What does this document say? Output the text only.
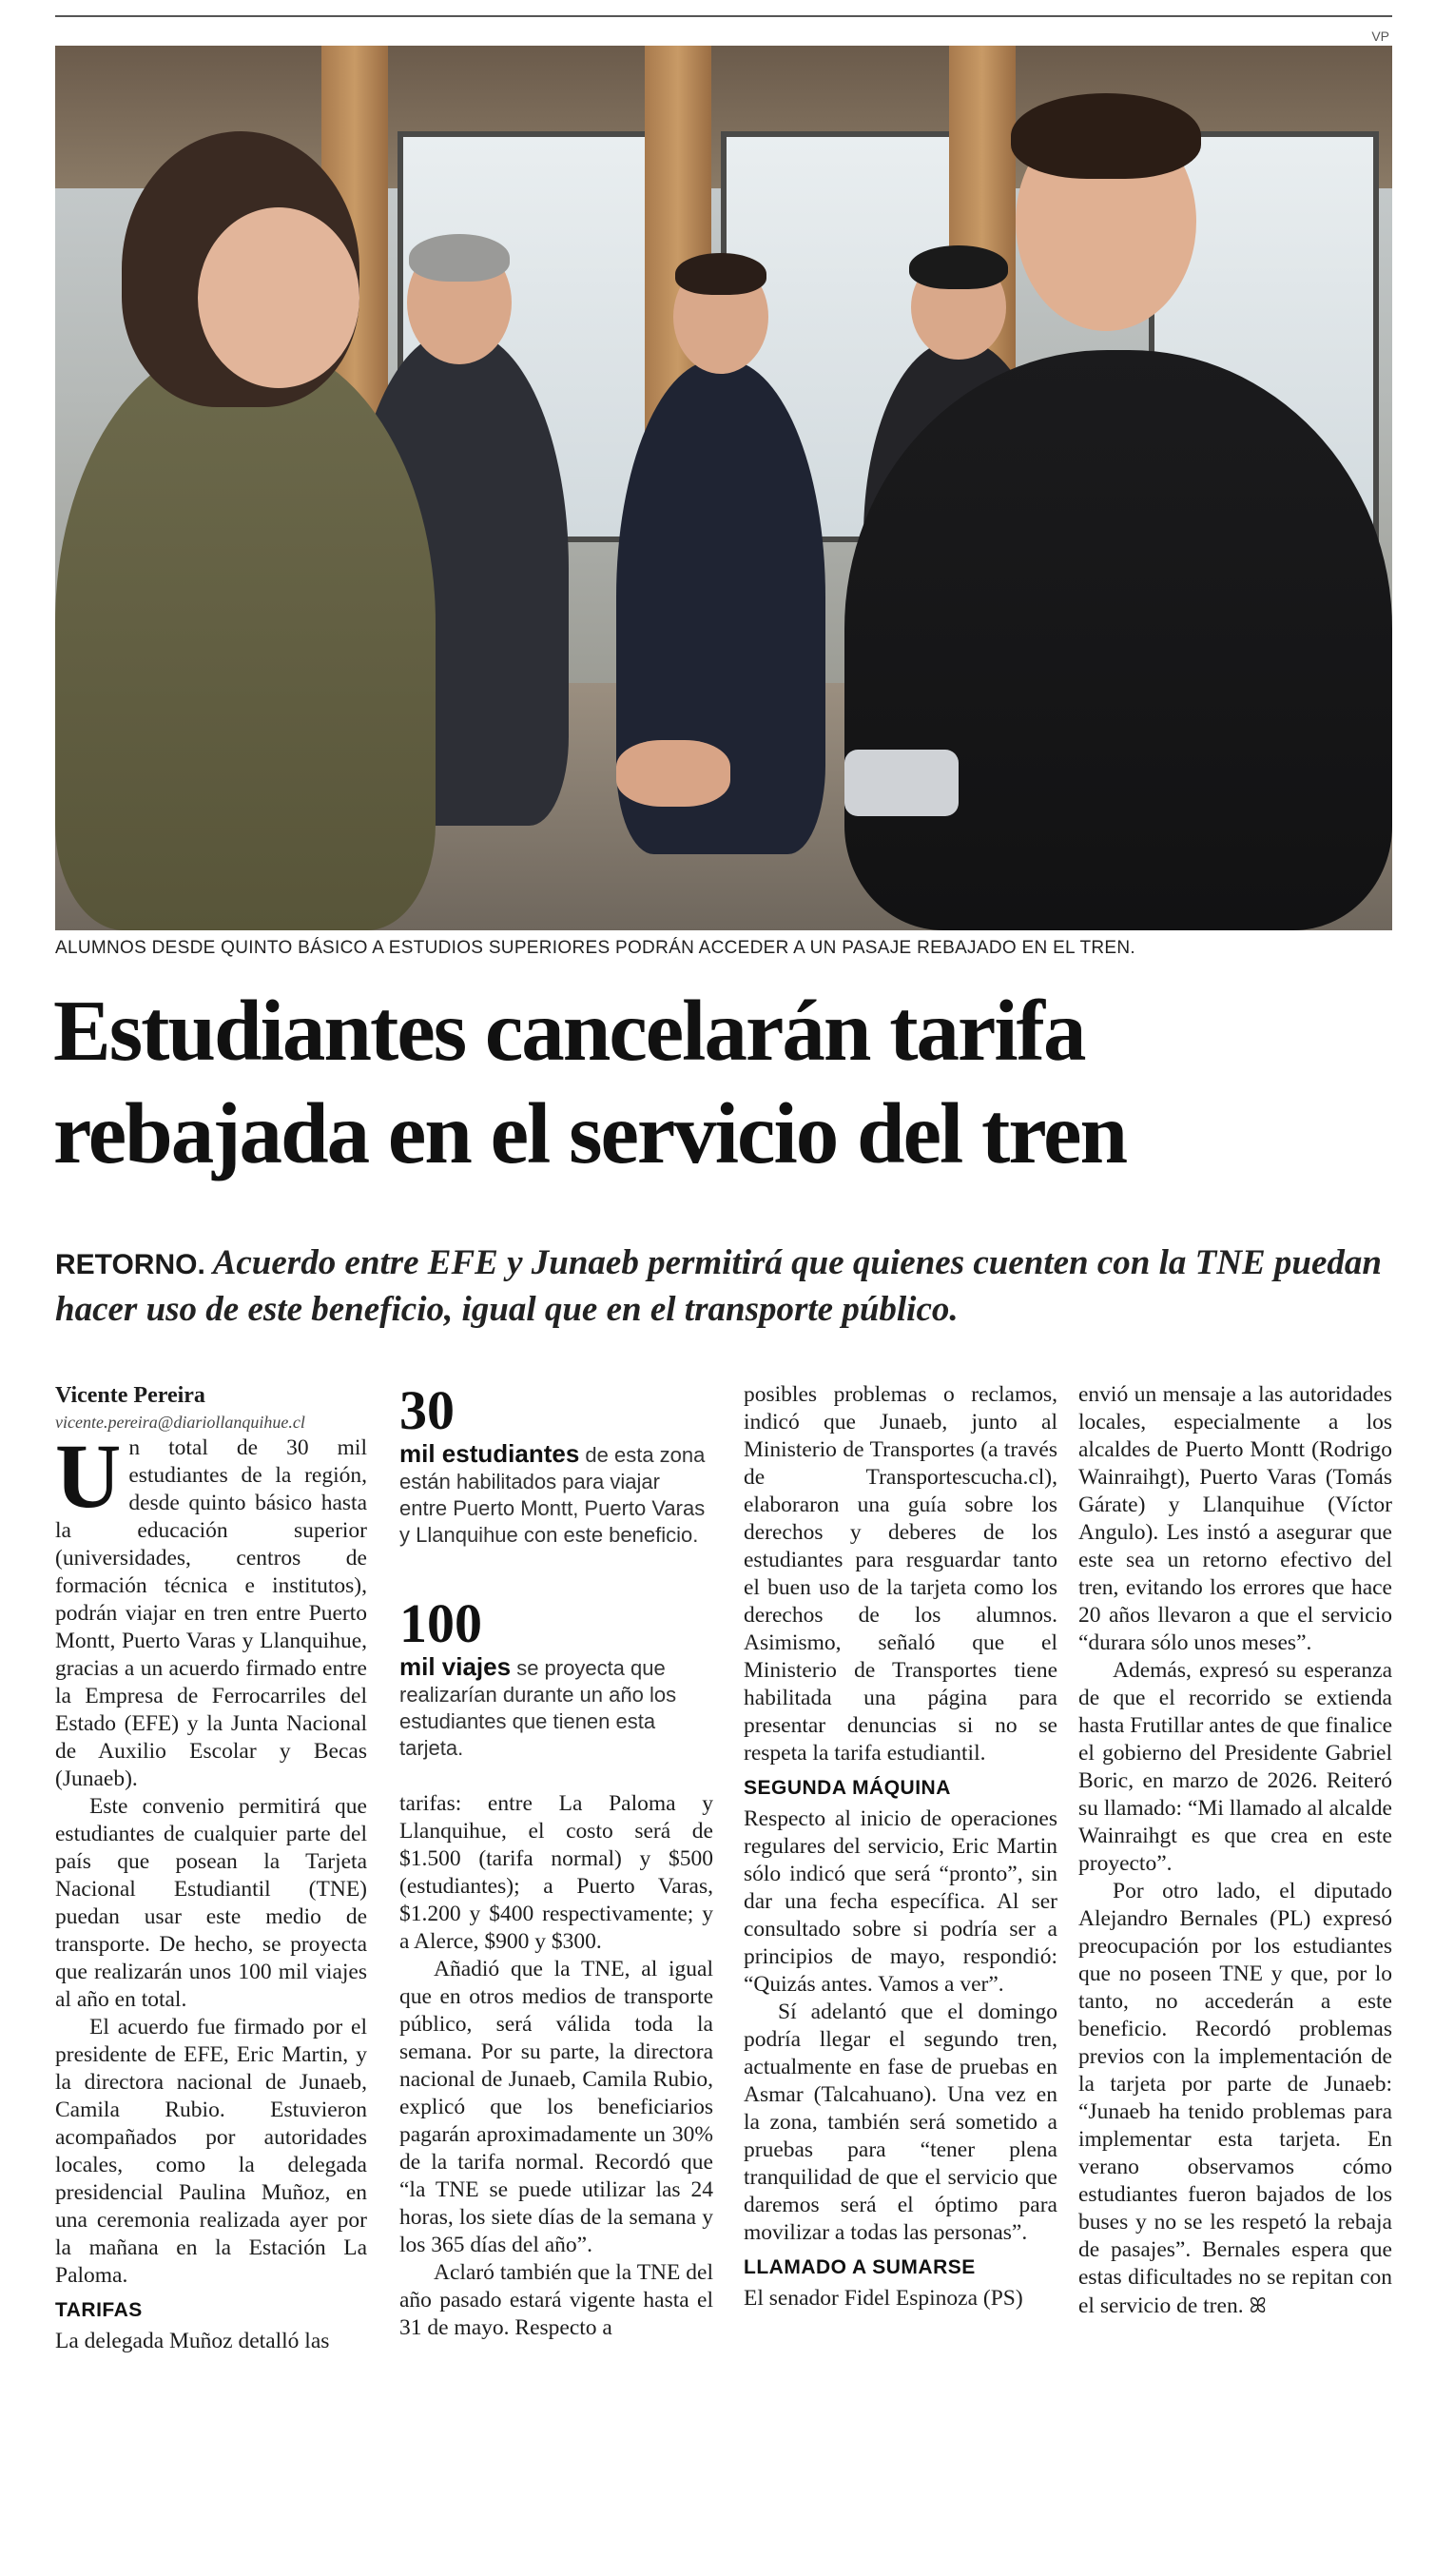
VP
ALUMNOS DESDE QUINTO BÁSICO A ESTUDIOS SUPERIORES PODRÁN ACCEDER A UN PASAJE REBAJADO EN EL TREN.
Estudiantes cancelarán tarifa rebajada en el servicio del tren

RETORNO. Acuerdo entre EFE y Junaeb permitirá que quienes cuenten con la TNE puedan hacer uso de este beneficio, igual que en el transporte público.

Vicente Pereira

vicente.pereira@diariollanquihue.cl

Un total de 30 mil estudiantes de la región, desde quinto básico hasta la educación superior (universidades, centros de formación técnica e institutos), podrán viajar en tren entre Puerto Montt, Puerto Varas y Llanquihue, gracias a un acuerdo firmado entre la Empresa de Ferrocarriles del Estado (EFE) y la Junta Nacional de Auxilio Escolar y Becas (Junaeb).

Este convenio permitirá que estudiantes de cualquier parte del país que posean la Tarjeta Nacional Estudiantil (TNE) puedan usar este medio de transporte. De hecho, se proyecta que realizarán unos 100 mil viajes al año en total.

El acuerdo fue firmado por el presidente de EFE, Eric Martin, y la directora nacional de Junaeb, Camila Rubio. Estuvieron acompañados por autoridades locales, como la delegada presidencial Paulina Muñoz, en una ceremonia realizada ayer por la mañana en la Estación La Paloma.

TARIFAS

La delegada Muñoz detalló las

30

mil estudiantes de esta zona están habilitados para viajar entre Puerto Montt, Puerto Varas y Llanquihue con este beneficio.

100

mil viajes se proyecta que realizarían durante un año los estudiantes que tienen esta tarjeta.

tarifas: entre La Paloma y Llanquihue, el costo será de $1.500 (tarifa normal) y $500 (estudiantes); a Puerto Varas, $1.200 y $400 respectivamente; y a Alerce, $900 y $300.

Añadió que la TNE, al igual que en otros medios de transporte público, será válida toda la semana. Por su parte, la directora nacional de Junaeb, Camila Rubio, explicó que los beneficiarios pagarán aproximadamente un 30% de la tarifa normal. Recordó que “la TNE se puede utilizar las 24 horas, los siete días de la semana y los 365 días del año”.

Aclaró también que la TNE del año pasado estará vigente hasta el 31 de mayo. Respecto a

posibles problemas o reclamos, indicó que Junaeb, junto al Ministerio de Transportes (a través de Transportescucha.cl), elaboraron una guía sobre los derechos y deberes de los estudiantes para resguardar tanto el buen uso de la tarjeta como los derechos de los alumnos. Asimismo, señaló que el Ministerio de Transportes tiene habilitada una página para presentar denuncias si no se respeta la tarifa estudiantil.

SEGUNDA MÁQUINA

Respecto al inicio de operaciones regulares del servicio, Eric Martin sólo indicó que será “pronto”, sin dar una fecha específica. Al ser consultado sobre si podría ser a principios de mayo, respondió: “Quizás antes. Vamos a ver”.

Sí adelantó que el domingo podría llegar el segundo tren, actualmente en fase de pruebas en Asmar (Talcahuano). Una vez en la zona, también será sometido a pruebas para “tener plena tranquilidad de que el servicio que daremos será el óptimo para movilizar a todas las personas”.

LLAMADO A SUMARSE

El senador Fidel Espinoza (PS)

envió un mensaje a las autoridades locales, especialmente a los alcaldes de Puerto Montt (Rodrigo Wainraihgt), Puerto Varas (Tomás Gárate) y Llanquihue (Víctor Angulo). Les instó a asegurar que este sea un retorno efectivo del tren, evitando los errores que hace 20 años llevaron a que el servicio “durara sólo unos meses”.

Además, expresó su esperanza de que el recorrido se extienda hasta Frutillar antes de que finalice el gobierno del Presidente Gabriel Boric, en marzo de 2026. Reiteró su llamado: “Mi llamado al alcalde Wainraihgt es que crea en este proyecto”.

Por otro lado, el diputado Alejandro Bernales (PL) expresó preocupación por los estudiantes que no poseen TNE y que, por lo tanto, no accederán a este beneficio. Recordó problemas previos con la implementación de la tarjeta por parte de Junaeb: “Junaeb ha tenido problemas para implementar esta tarjeta. En verano observamos cómo estudiantes fueron bajados de los buses y no se les respetó la rebaja de pasajes”. Bernales espera que estas dificultades no se repitan con el servicio de tren. ꕤ
